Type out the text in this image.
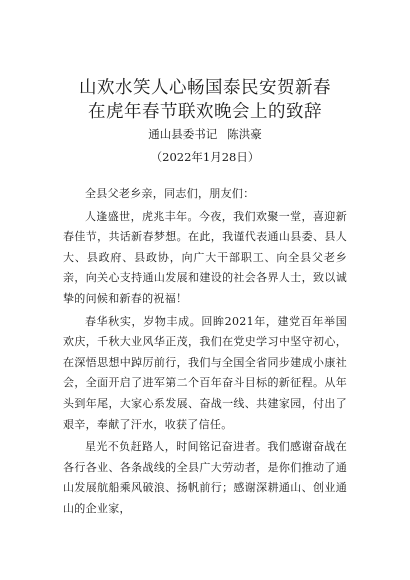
山欢水笑人心畅国泰民安贺新春
在虎年春节联欢晚会上的致辞
通山县委书记 陈洪豪
（2022年1月28日）

全县父老乡亲，同志们，朋友们：

人逢盛世，虎兆丰年。今夜，我们欢聚一堂，喜迎新春佳节，共话新春梦想。在此，我谨代表通山县委、县人大、县政府、县政协，向广大干部职工、向全县父老乡亲，向关心支持通山发展和建设的社会各界人士，致以诚挚的问候和新春的祝福！

春华秋实，岁物丰成。回眸2021年，建党百年举国欢庆，千秋大业风华正茂，我们在党史学习中坚守初心，在深悟思想中踔厉前行，我们与全国全省同步建成小康社会，全面开启了进军第二个百年奋斗目标的新征程。从年头到年尾，大家心系发展、奋战一线、共建家园，付出了艰辛，奉献了汗水，收获了信任。

星光不负赶路人，时间铭记奋进者。我们感谢奋战在各行各业、各条战线的全县广大劳动者，是你们推动了通山发展航船乘风破浪、扬帆前行；感谢深耕通山、创业通山的企业家，
